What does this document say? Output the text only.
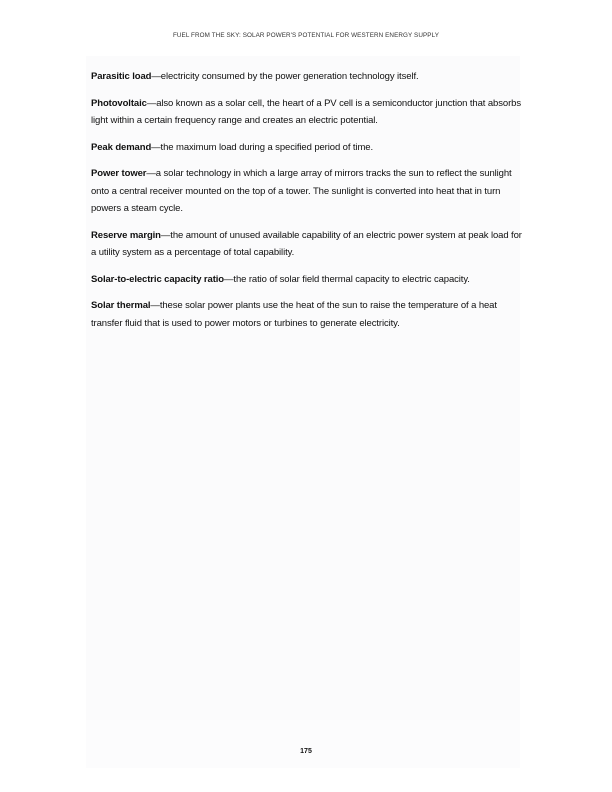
FUEL FROM THE SKY: SOLAR POWER'S POTENTIAL FOR WESTERN ENERGY SUPPLY

Parasitic load—electricity consumed by the power generation technology itself.

Photovoltaic—also known as a solar cell, the heart of a PV cell is a semiconductor junction that absorbs light within a certain frequency range and creates an electric potential.

Peak demand—the maximum load during a specified period of time.

Power tower—a solar technology in which a large array of mirrors tracks the sun to reflect the sunlight onto a central receiver mounted on the top of a tower. The sunlight is converted into heat that in turn powers a steam cycle.

Reserve margin—the amount of unused available capability of an electric power system at peak load for a utility system as a percentage of total capability.

Solar-to-electric capacity ratio—the ratio of solar field thermal capacity to electric capacity.

Solar thermal—these solar power plants use the heat of the sun to raise the temperature of a heat transfer fluid that is used to power motors or turbines to generate electricity.

175
